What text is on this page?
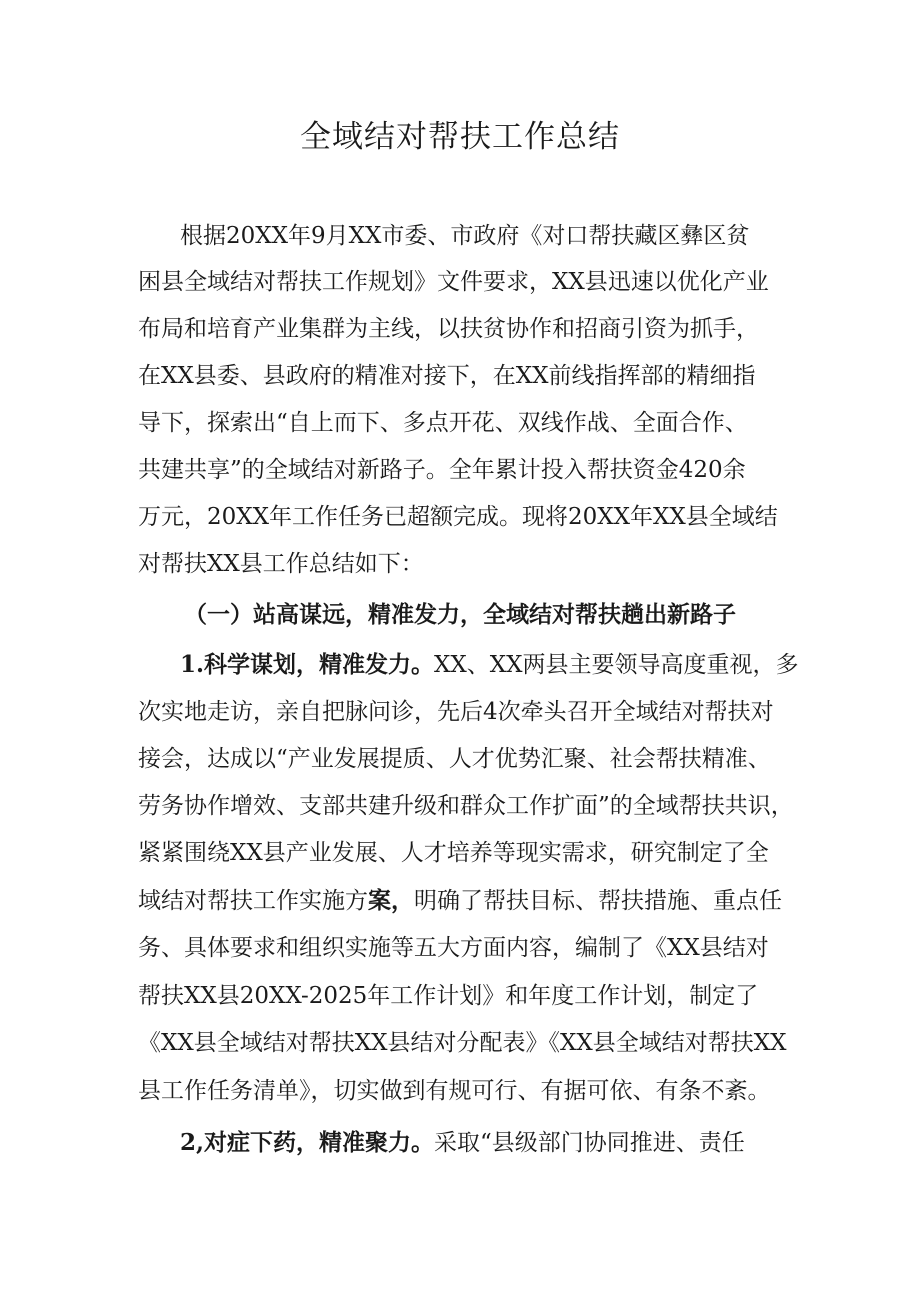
全域结对帮扶工作总结
根据20XX年9月XX市委、市政府《对口帮扶藏区彝区贫
困县全域结对帮扶工作规划》文件要求，XX县迅速以优化产业
布局和培育产业集群为主线，以扶贫协作和招商引资为抓手，
在XX县委、县政府的精准对接下，在XX前线指挥部的精细指
导下，探索出“自上而下、多点开花、双线作战、全面合作、
共建共享”的全域结对新路子。全年累计投入帮扶资金420余
万元，20XX年工作任务已超额完成。现将20XX年XX县全域结
对帮扶XX县工作总结如下：
（一）站高谋远，精准发力，全域结对帮扶趟出新路子
1.科学谋划，精准发力。XX、XX两县主要领导高度重视，多
次实地走访，亲自把脉问诊，先后4次牵头召开全域结对帮扶对
接会，达成以“产业发展提质、人才优势汇聚、社会帮扶精准、
劳务协作增效、支部共建升级和群众工作扩面”的全域帮扶共识，
紧紧围绕XX县产业发展、人才培养等现实需求，研究制定了全
域结对帮扶工作实施方案，明确了帮扶目标、帮扶措施、重点任
务、具体要求和组织实施等五大方面内容，编制了《XX县结对
帮扶XX县20XX-2025年工作计划》和年度工作计划，制定了
《XX县全域结对帮扶XX县结对分配表》《XX县全域结对帮扶XX
县工作任务清单》，切实做到有规可行、有据可依、有条不紊。
2,对症下药，精准聚力。采取“县级部门协同推进、责任
